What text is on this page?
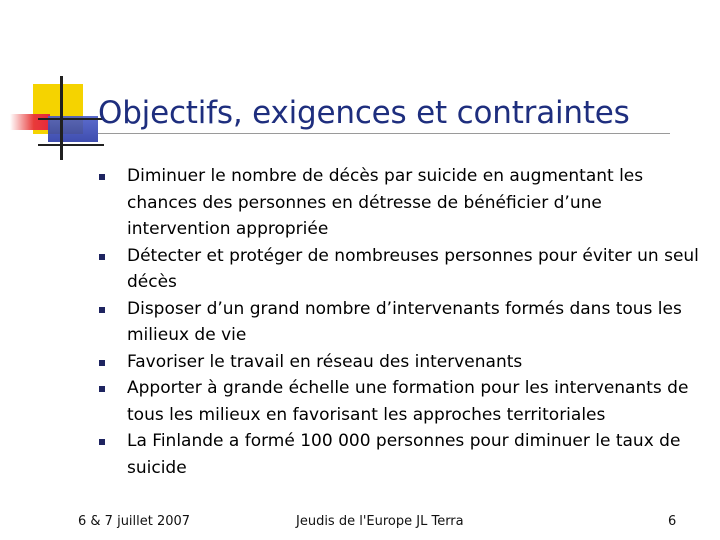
Objectifs, exigences et contraintes
Diminuer le nombre de décès par suicide en augmentant les chances des personnes en détresse de bénéficier d’une intervention appropriée
Détecter et protéger de nombreuses personnes pour éviter un seul décès
Disposer d’un grand nombre d’intervenants formés dans tous les milieux de vie
Favoriser le travail en réseau des intervenants
Apporter à grande échelle une formation pour les intervenants de tous les milieux en favorisant les approches territoriales
La Finlande a formé 100 000 personnes pour diminuer le taux de suicide
6 & 7 juillet 2007	Jeudis de l'Europe JL Terra	6
